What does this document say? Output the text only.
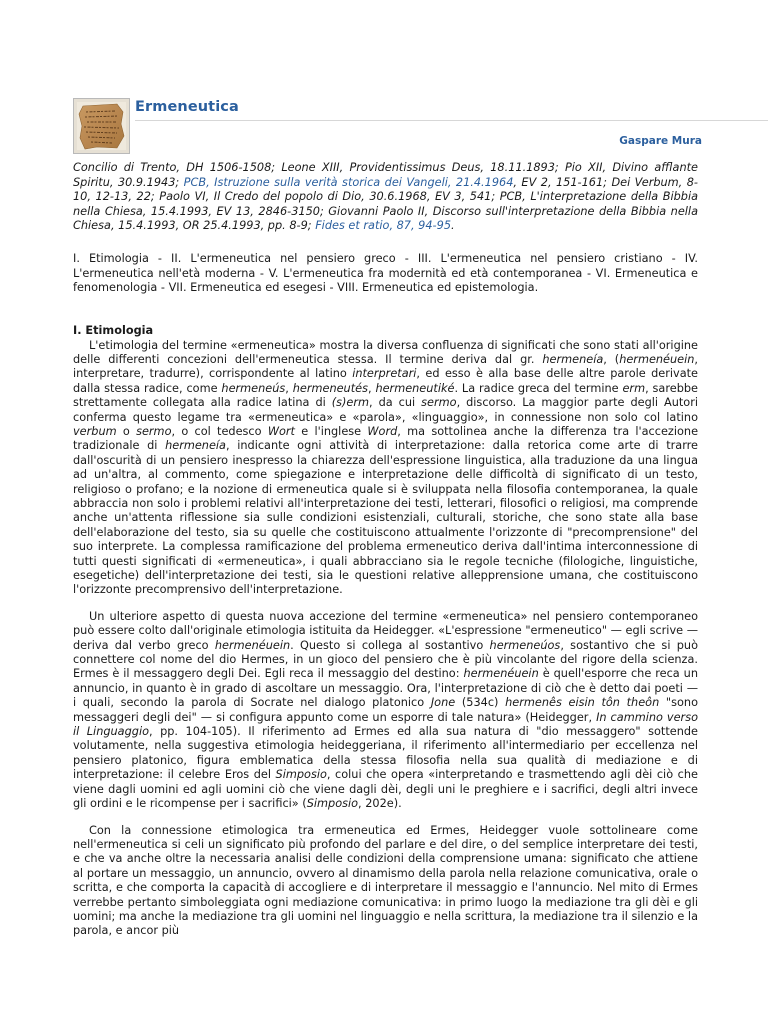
Ermeneutica
Gaspare Mura
Concilio di Trento, DH 1506-1508; Leone XIII, Providentissimus Deus, 18.11.1893; Pio XII, Divino afflante Spiritu, 30.9.1943; PCB, Istruzione sulla verità storica dei Vangeli, 21.4.1964, EV 2, 151-161; Dei Verbum, 8-10, 12-13, 22; Paolo VI, Il Credo del popolo di Dio, 30.6.1968, EV 3, 541; PCB, L'interpretazione della Bibbia nella Chiesa, 15.4.1993, EV 13, 2846-3150; Giovanni Paolo II, Discorso sull'interpretazione della Bibbia nella Chiesa, 15.4.1993, OR 25.4.1993, pp. 8-9; Fides et ratio, 87, 94-95.
I. Etimologia - II. L'ermeneutica nel pensiero greco - III. L'ermeneutica nel pensiero cristiano - IV. L'ermeneutica nell'età moderna - V. L'ermeneutica fra modernità ed età contemporanea - VI. Ermeneutica e fenomenologia - VII. Ermeneutica ed esegesi - VIII. Ermeneutica ed epistemologia.
I. Etimologia

L'etimologia del termine «ermeneutica» mostra la diversa confluenza di significati che sono stati all'origine delle differenti concezioni dell'ermeneutica stessa. Il termine deriva dal gr. hermeneía, (hermenéuein, interpretare, tradurre), corrispondente al latino interpretari, ed esso è alla base delle altre parole derivate dalla stessa radice, come hermeneús, hermeneutés, hermeneutiké. La radice greca del termine erm, sarebbe strettamente collegata alla radice latina di (s)erm, da cui sermo, discorso. La maggior parte degli Autori conferma questo legame tra «ermeneutica» e «parola», «linguaggio», in connessione non solo col latino verbum o sermo, o col tedesco Wort e l'inglese Word, ma sottolinea anche la differenza tra l'accezione tradizionale di hermeneía, indicante ogni attività di interpretazione: dalla retorica come arte di trarre dall'oscurità di un pensiero inespresso la chiarezza dell'espressione linguistica, alla traduzione da una lingua ad un'altra, al commento, come spiegazione e interpretazione delle difficoltà di significato di un testo, religioso o profano; e la nozione di ermeneutica quale si è sviluppata nella filosofia contemporanea, la quale abbraccia non solo i problemi relativi all'interpretazione dei testi, letterari, filosofici o religiosi, ma comprende anche un'attenta riflessione sia sulle condizioni esistenziali, culturali, storiche, che sono state alla base dell'elaborazione del testo, sia su quelle che costituiscono attualmente l'orizzonte di "precomprensione" del suo interprete. La complessa ramificazione del problema ermeneutico deriva dall'intima interconnessione di tutti questi significati di «ermeneutica», i quali abbracciano sia le regole tecniche (filologiche, linguistiche, esegetiche) dell'interpretazione dei testi, sia le questioni relative allepprensione umana, che costituiscono l'orizzonte precomprensivo dell'interpretazione.

Un ulteriore aspetto di questa nuova accezione del termine «ermeneutica» nel pensiero contemporaneo può essere colto dall'originale etimologia istituita da Heidegger. «L'espressione "ermeneutico" — egli scrive — deriva dal verbo greco hermenéuein. Questo si collega al sostantivo hermeneúos, sostantivo che si può connettere col nome del dio Hermes, in un gioco del pensiero che è più vincolante del rigore della scienza. Ermes è il messaggero degli Dei. Egli reca il messaggio del destino: hermenéuein è quell'esporre che reca un annuncio, in quanto è in grado di ascoltare un messaggio. Ora, l'interpretazione di ciò che è detto dai poeti — i quali, secondo la parola di Socrate nel dialogo platonico Jone (534c) hermenês eisin tôn theôn "sono messaggeri degli dei" — si configura appunto come un esporre di tale natura» (Heidegger, In cammino verso il Linguaggio, pp. 104-105). Il riferimento ad Ermes ed alla sua natura di "dio messaggero" sottende volutamente, nella suggestiva etimologia heideggeriana, il riferimento all'intermediario per eccellenza nel pensiero platonico, figura emblematica della stessa filosofia nella sua qualità di mediazione e di interpretazione: il celebre Eros del Simposio, colui che opera «interpretando e trasmettendo agli dèi ciò che viene dagli uomini ed agli uomini ciò che viene dagli dèi, degli uni le preghiere e i sacrifici, degli altri invece gli ordini e le ricompense per i sacrifici» (Simposio, 202e).

Con la connessione etimologica tra ermeneutica ed Ermes, Heidegger vuole sottolineare come nell'ermeneutica si celi un significato più profondo del parlare e del dire, o del semplice interpretare dei testi, e che va anche oltre la necessaria analisi delle condizioni della comprensione umana: significato che attiene al portare un messaggio, un annuncio, ovvero al dinamismo della parola nella relazione comunicativa, orale o scritta, e che comporta la capacità di accogliere e di interpretare il messaggio e l'annuncio. Nel mito di Ermes verrebbe pertanto simboleggiata ogni mediazione comunicativa: in primo luogo la mediazione tra gli dèi e gli uomini; ma anche la mediazione tra gli uomini nel linguaggio e nella scrittura, la mediazione tra il silenzio e la parola, e ancor più
